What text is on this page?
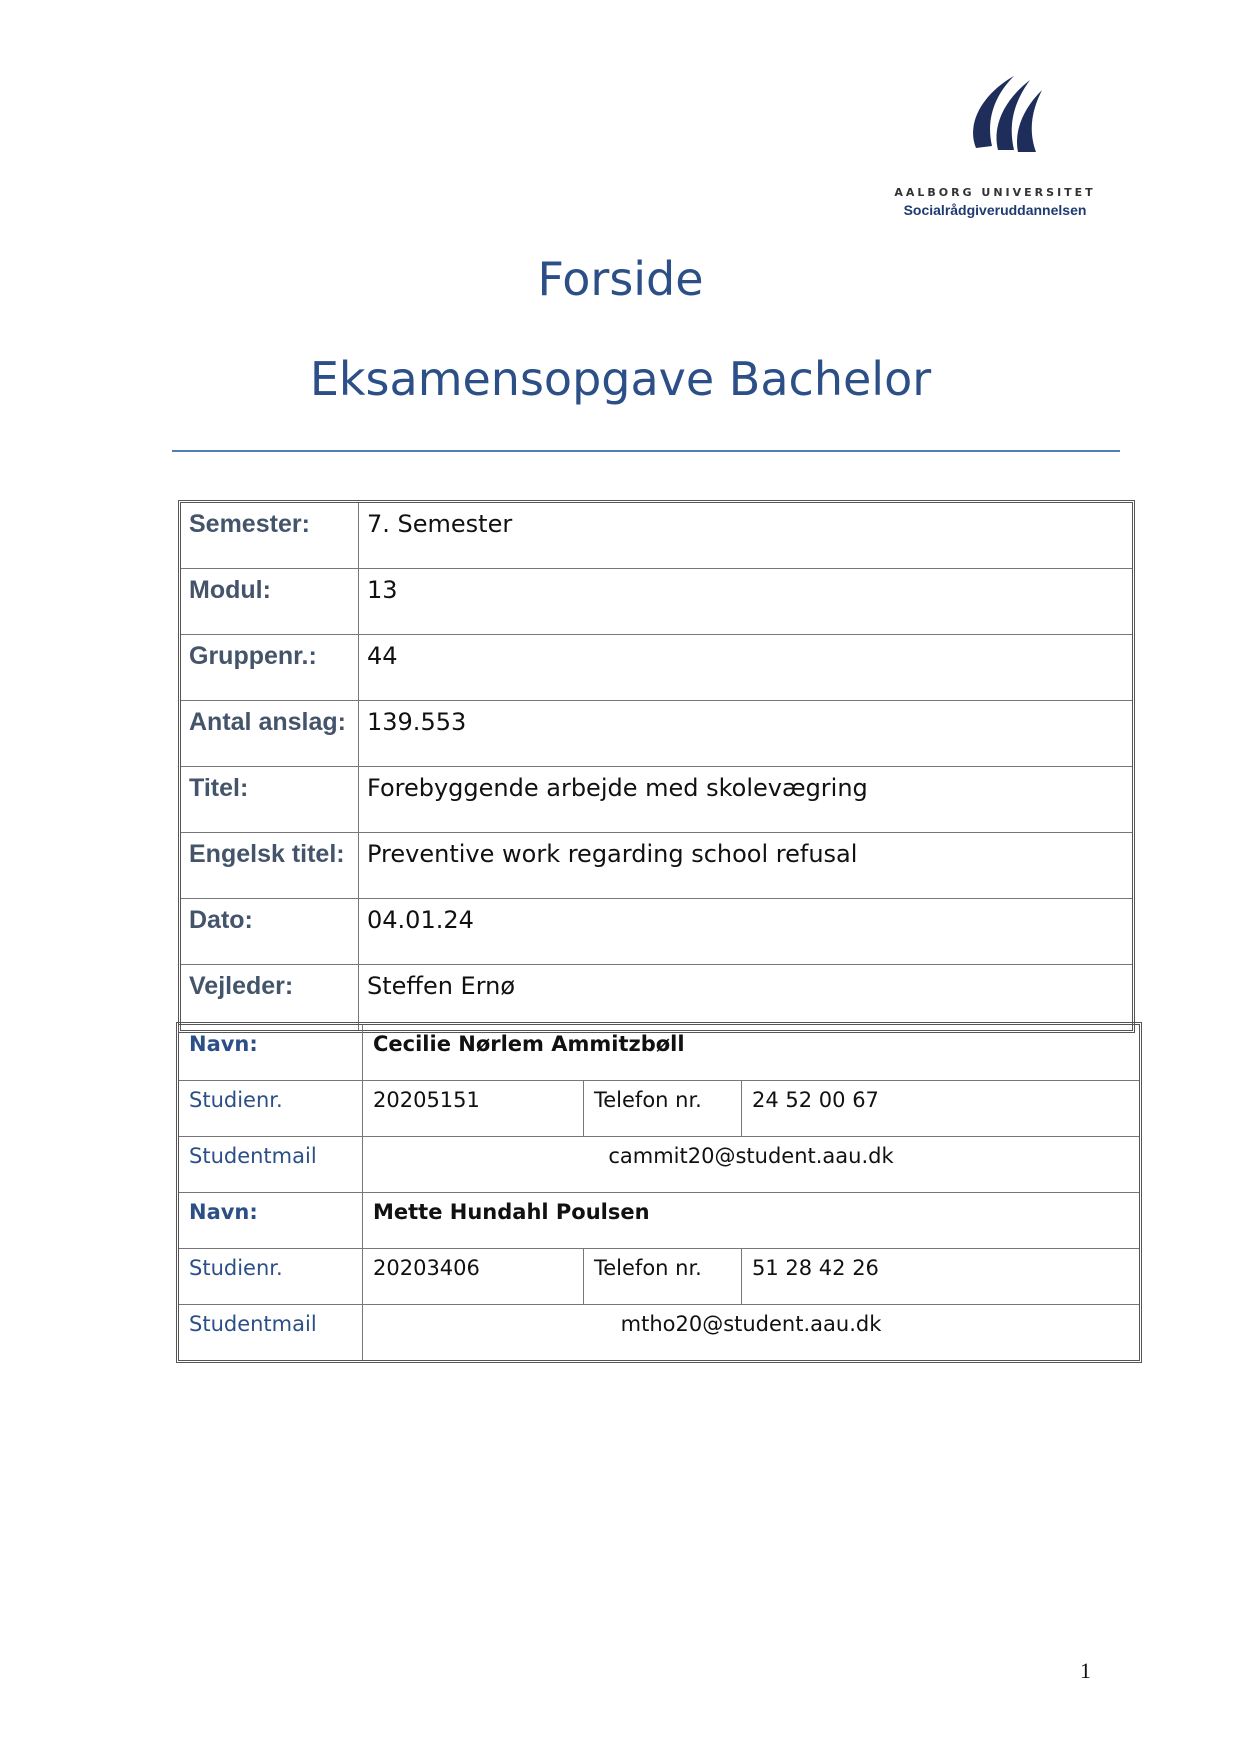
AALBORG UNIVERSITET
Socialrådgiveruddannelsen
Forside
Eksamensopgave Bachelor
Semester:	7. Semester
Modul:	13
Gruppenr.:	44
Antal anslag:	139.553
Titel:	Forebyggende arbejde med skolevægring
Engelsk titel:	Preventive work regarding school refusal
Dato:	04.01.24
Vejleder:	Steffen Ernø
Navn:	Cecilie Nørlem Ammitzbøll		
Studienr.	20205151	Telefon nr.	24 52 00 67
Studentmail	cammit20@student.aau.dk		
Navn:	Mette Hundahl Poulsen		
Studienr.	20203406	Telefon nr.	51 28 42 26
Studentmail	mtho20@student.aau.dk		
1
